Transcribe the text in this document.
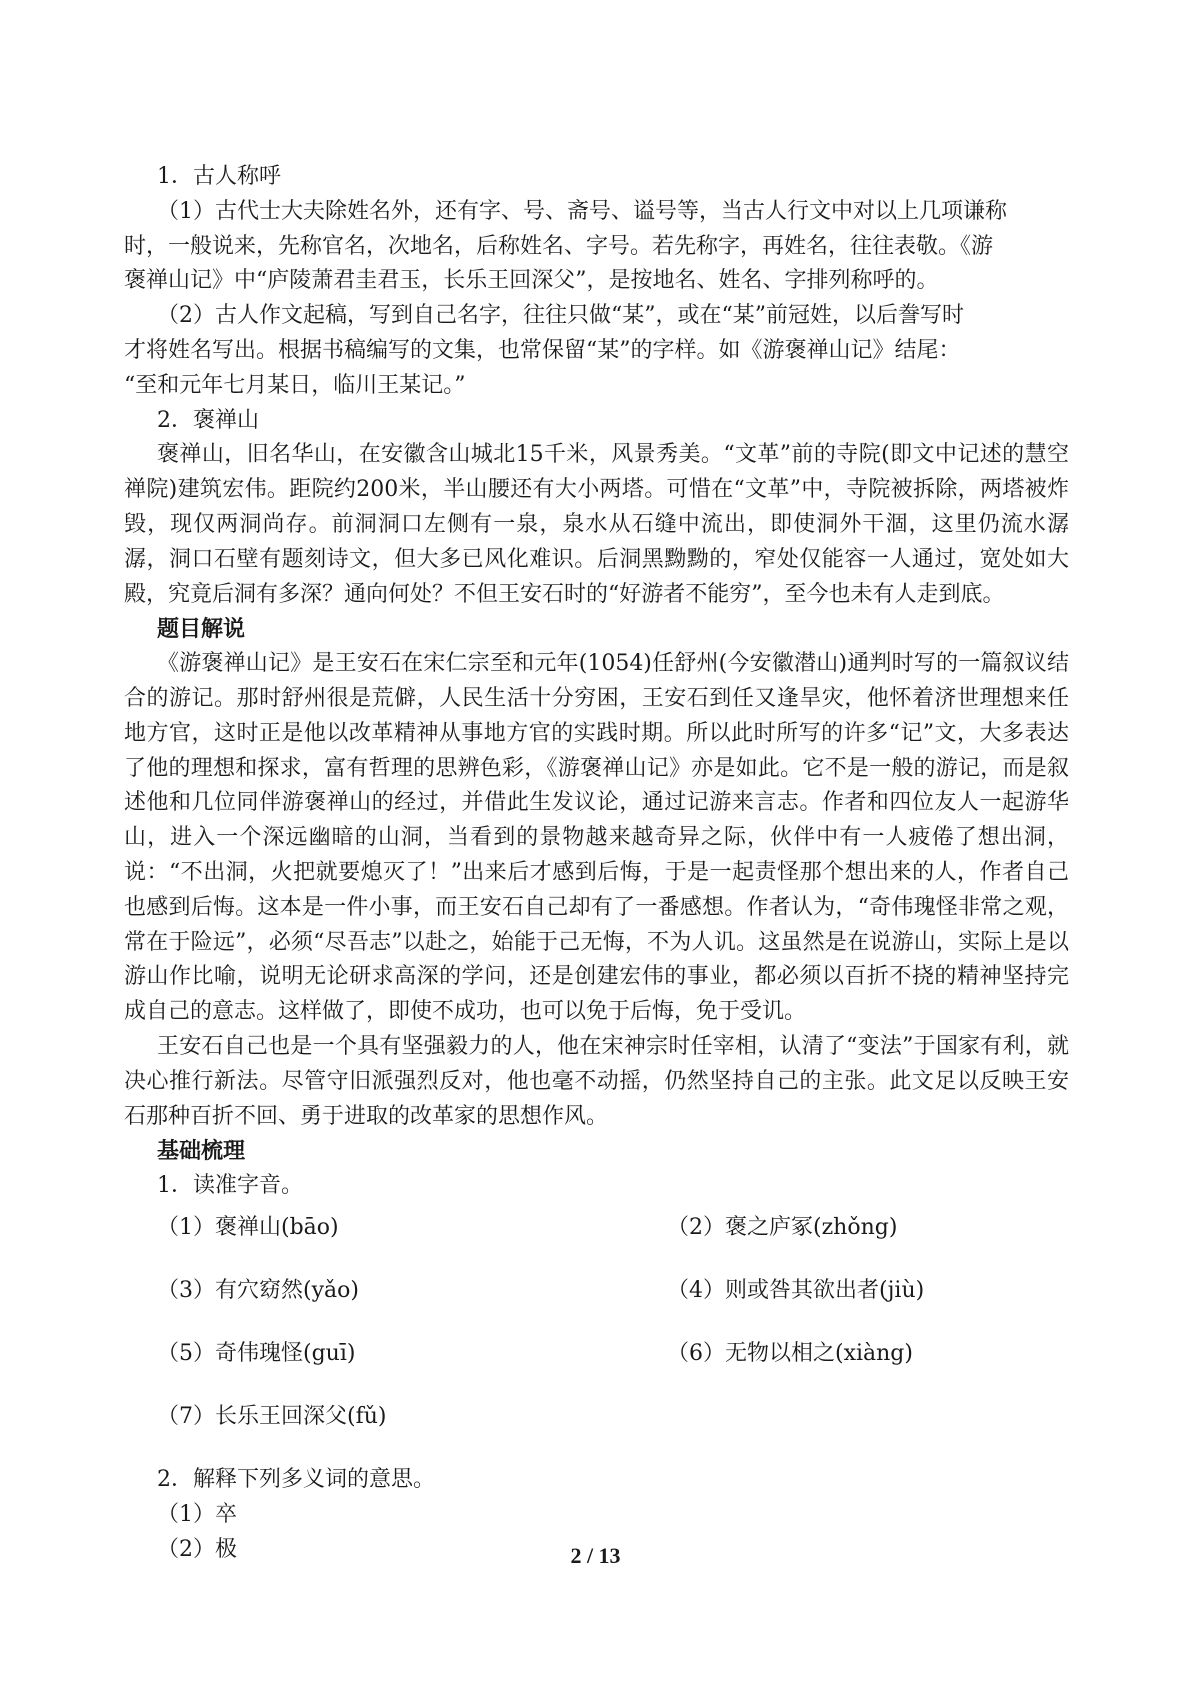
1．古人称呼
（1）古代士大夫除姓名外，还有字、号、斋号、谥号等，当古人行文中对以上几项谦称
时，一般说来，先称官名，次地名，后称姓名、字号。若先称字，再姓名，往往表敬。《游
褒禅山记》中“庐陵萧君圭君玉，长乐王回深父”，是按地名、姓名、字排列称呼的。
（2）古人作文起稿，写到自己名字，往往只做“某”，或在“某”前冠姓，以后誊写时
才将姓名写出。根据书稿编写的文集，也常保留“某”的字样。如《游褒禅山记》结尾：
“至和元年七月某日，临川王某记。”
2．褒禅山

褒禅山，旧名华山，在安徽含山城北15千米，风景秀美。“文革”前的寺院(即文中记述的慧空禅院)建筑宏伟。距院约200米，半山腰还有大小两塔。可惜在“文革”中，寺院被拆除，两塔被炸毁，现仅两洞尚存。前洞洞口左侧有一泉，泉水从石缝中流出，即使洞外干涸，这里仍流水潺潺，洞口石壁有题刻诗文，但大多已风化难识。后洞黑黝黝的，窄处仅能容一人通过，宽处如大殿，究竟后洞有多深？通向何处？不但王安石时的“好游者不能穷”，至今也未有人走到底。

题目解说

《游褒禅山记》是王安石在宋仁宗至和元年(1054)任舒州(今安徽潜山)通判时写的一篇叙议结合的游记。那时舒州很是荒僻，人民生活十分穷困，王安石到任又逢旱灾，他怀着济世理想来任地方官，这时正是他以改革精神从事地方官的实践时期。所以此时所写的许多“记”文，大多表达了他的理想和探求，富有哲理的思辨色彩，《游褒禅山记》亦是如此。它不是一般的游记，而是叙述他和几位同伴游褒禅山的经过，并借此生发议论，通过记游来言志。作者和四位友人一起游华山，进入一个深远幽暗的山洞，当看到的景物越来越奇异之际，伙伴中有一人疲倦了想出洞，说：“不出洞，火把就要熄灭了！”出来后才感到后悔，于是一起责怪那个想出来的人，作者自己也感到后悔。这本是一件小事，而王安石自己却有了一番感想。作者认为，“奇伟瑰怪非常之观，常在于险远”，必须“尽吾志”以赴之，始能于己无悔，不为人讥。这虽然是在说游山，实际上是以游山作比喻，说明无论研求高深的学问，还是创建宏伟的事业，都必须以百折不挠的精神坚持完成自己的意志。这样做了，即使不成功，也可以免于后悔，免于受讥。

王安石自己也是一个具有坚强毅力的人，他在宋神宗时任宰相，认清了“变法”于国家有利，就决心推行新法。尽管守旧派强烈反对，他也毫不动摇，仍然坚持自己的主张。此文足以反映王安石那种百折不回、勇于进取的改革家的思想作风。

基础梳理
1．读准字音。
（1）褒禅山(bāo)	（2）褒之庐冢(zhǒng)
（3）有穴窈然(yǎo)	（4）则或咎其欲出者(jiù)
（5）奇伟瑰怪(guī)	（6）无物以相之(xiàng)
（7）长乐王回深父(fǔ)
2．解释下列多义词的意思。
（1）卒
（2）极	2 / 13
